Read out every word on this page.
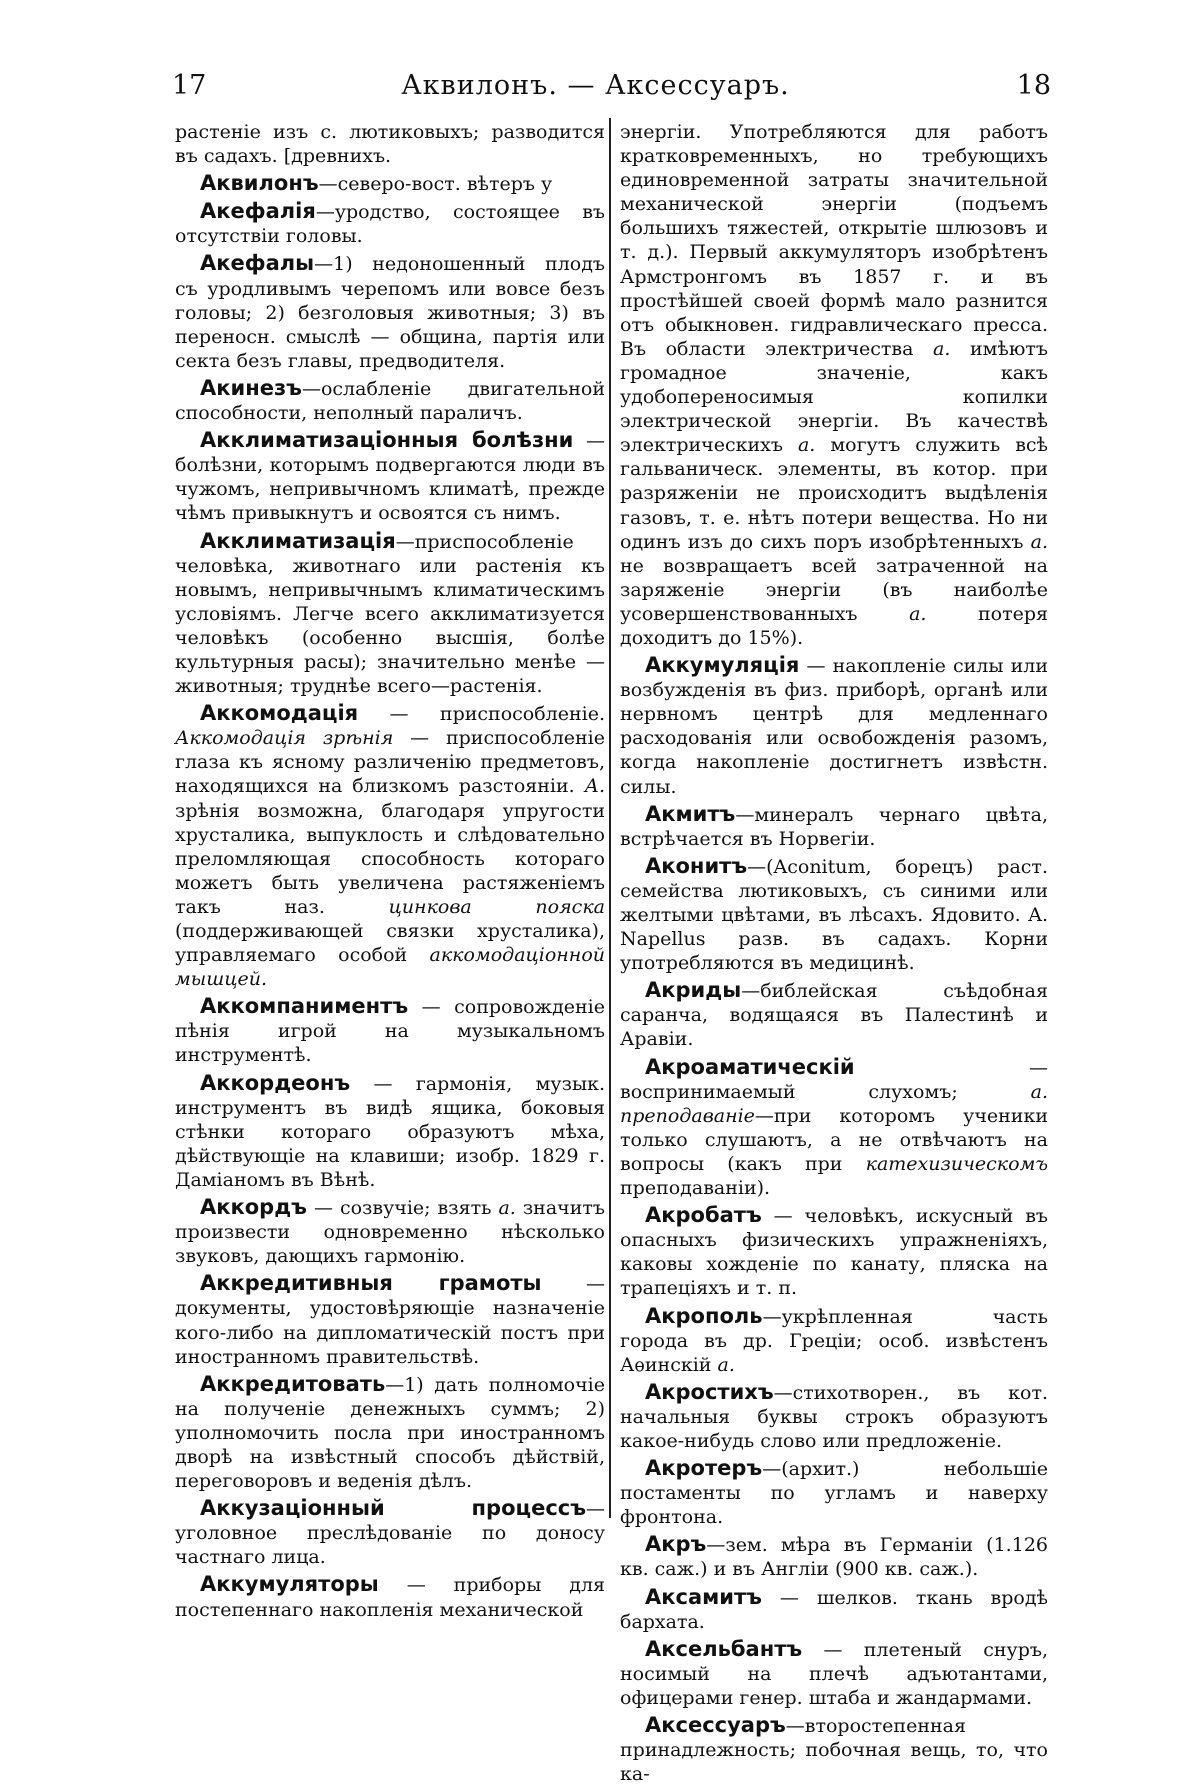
17	Аквилонъ. — Аксессуаръ.	18

растеніе изъ с. лютиковыхъ; разводится въ садахъ. [древнихъ.

Аквилонъ—северо-вост. вѣтеръ у

Акефалія—уродство, состоящее въ отсутствіи головы.

Акефалы—1) недоношенный плодъ съ уродливымъ черепомъ или вовсе безъ головы; 2) безголовыя животныя; 3) въ переносн. смыслѣ — община, партія или секта безъ главы, предводителя.

Акинезъ—ослабленіе двигательной способности, неполный параличъ.

Акклиматизаціонныя болѣзни — болѣзни, которымъ подвергаются люди въ чужомъ, непривычномъ климатѣ, прежде чѣмъ привыкнутъ и освоятся съ нимъ.

Акклиматизація—приспособленіе человѣка, животнаго или растенія къ новымъ, непривычнымъ климатическимъ условіямъ. Легче всего акклиматизуется человѣкъ (особенно высшія, болѣе культурныя расы); значительно менѣе — животныя; труднѣе всего—растенія.

Аккомодація — приспособленіе. Аккомодація зрѣнія — приспособленіе глаза къ ясному различенію предметовъ, находящихся на близкомъ разстояніи. А. зрѣнія возможна, благодаря упругости хрусталика, выпуклость и слѣдовательно преломляющая способность котораго можетъ быть увеличена растяженіемъ такъ наз. цинкова пояска (поддерживающей связки хрусталика), управляемаго особой аккомодаціонной мышцей.

Аккомпаниментъ — сопровожденіе пѣнія игрой на музыкальномъ инструментѣ.

Аккордеонъ — гармонія, музык. инструментъ въ видѣ ящика, боковыя стѣнки котораго образуютъ мѣха, дѣйствующіе на клавиши; изобр. 1829 г. Даміаномъ въ Вѣнѣ.

Аккордъ — созвучіе; взять а. значитъ произвести одновременно нѣсколько звуковъ, дающихъ гармонію.

Аккредитивныя грамоты — документы, удостовѣряющіе назначеніе кого-либо на дипломатическій постъ при иностранномъ правительствѣ.

Аккредитовать—1) дать полномочіе на полученіе денежныхъ суммъ; 2) уполномочить посла при иностранномъ дворѣ на извѣстный способъ дѣйствій, переговоровъ и веденія дѣлъ.

Аккузаціонный процессъ— уголовное преслѣдованіе по доносу частнаго лица.

Аккумуляторы — приборы для постепеннаго накопленія механической

энергіи. Употребляются для работъ кратковременныхъ, но требующихъ единовременной затраты значительной механической энергіи (подъемъ большихъ тяжестей, открытіе шлюзовъ и т. д.). Первый аккумуляторъ изобрѣтенъ Армстронгомъ въ 1857 г. и въ простѣйшей своей формѣ мало разнится отъ обыкновен. гидравлическаго пресса. Въ области электричества а. имѣютъ громадное значеніе, какъ удобопереносимыя копилки электрической энергіи. Въ качествѣ электрическихъ а. могутъ служить всѣ гальваническ. элементы, въ котор. при разряженіи не происходитъ выдѣленія газовъ, т. е. нѣтъ потери вещества. Но ни одинъ изъ до сихъ поръ изобрѣтенныхъ а. не возвращаетъ всей затраченной на заряженіе энергіи (въ наиболѣе усовершенствованныхъ а. потеря доходитъ до 15%).

Аккумуляція — накопленіе силы или возбужденія въ физ. приборѣ, органѣ или нервномъ центрѣ для медленнаго расходованія или освобожденія разомъ, когда накопленіе достигнетъ извѣстн. силы.

Акмитъ—минералъ чернаго цвѣта, встрѣчается въ Норвегіи.

Аконитъ—(Aconitum, борецъ) раст. семейства лютиковыхъ, съ синими или желтыми цвѣтами, въ лѣсахъ. Ядовито. A. Napellus разв. въ садахъ. Корни употребляются въ медицинѣ.

Акриды—библейская съѣдобная саранча, водящаяся въ Палестинѣ и Аравіи.

Акроаматическій — воспринимаемый слухомъ; а. преподаваніе—при которомъ ученики только слушаютъ, а не отвѣчаютъ на вопросы (какъ при катехизическомъ преподаваніи).

Акробатъ — человѣкъ, искусный въ опасныхъ физическихъ упражненіяхъ, каковы хожденіе по канату, пляска на трапеціяхъ и т. п.

Акрополь—укрѣпленная часть города въ др. Греціи; особ. извѣстенъ Аѳинскій а.

Акростихъ—стихотворен., въ кот. начальныя буквы строкъ образуютъ какое-нибудь слово или предложеніе.

Акротеръ—(архит.) небольшіе постаменты по угламъ и наверху фронтона.

Акръ—зем. мѣра въ Германіи (1.126 кв. саж.) и въ Англіи (900 кв. саж.).

Аксамитъ — шелков. ткань вродѣ бархата.

Аксельбантъ — плетеный снуръ, носимый на плечѣ адъютантами, офицерами генер. штаба и жандармами.

Аксессуаръ—второстепенная принадлежность; побочная вещь, то, что ка-
